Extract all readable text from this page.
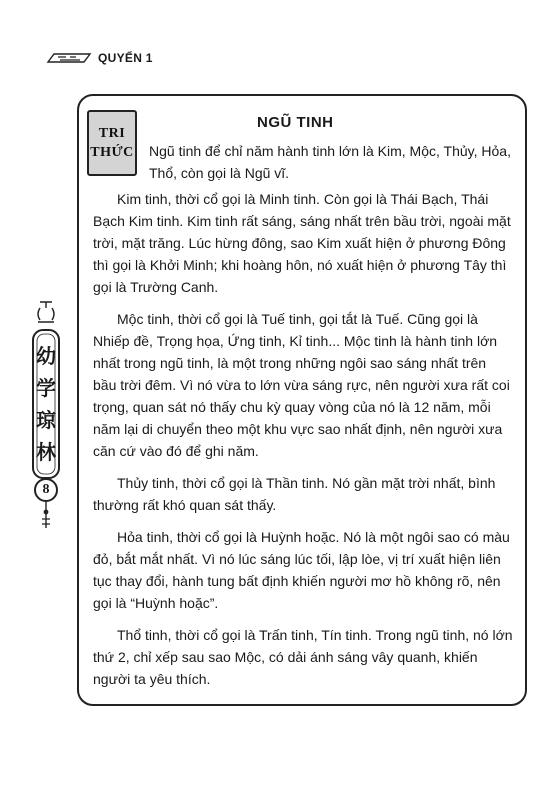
QUYỂN 1
幼
学
琼
林
8
TRI
THỨC
NGŨ TINH
Ngũ tinh để chỉ năm hành tinh lớn là Kim, Mộc, Thủy, Hỏa, Thổ, còn gọi là Ngũ vĩ.

Kim tinh, thời cổ gọi là Minh tinh. Còn gọi là Thái Bạch, Thái Bạch Kim tinh. Kim tinh rất sáng, sáng nhất trên bầu trời, ngoài mặt trời, mặt trăng. Lúc hừng đông, sao Kim xuất hiện ở phương Đông thì gọi là Khởi Minh; khi hoàng hôn, nó xuất hiện ở phương Tây thì gọi là Trường Canh.

Mộc tinh, thời cổ gọi là Tuế tinh, gọi tắt là Tuế. Cũng gọi là Nhiếp đề, Trọng họa, Ứng tinh, Kỉ tinh... Mộc tinh là hành tinh lớn nhất trong ngũ tinh, là một trong những ngôi sao sáng nhất trên bầu trời đêm. Vì nó vừa to lớn vừa sáng rực, nên người xưa rất coi trọng, quan sát nó thấy chu kỳ quay vòng của nó là 12 năm, mỗi năm lại di chuyển theo một khu vực sao nhất định, nên người xưa căn cứ vào đó để ghi năm.

Thủy tinh, thời cổ gọi là Thần tinh. Nó gần mặt trời nhất, bình thường rất khó quan sát thấy.

Hỏa tinh, thời cổ gọi là Huỳnh hoặc. Nó là một ngôi sao có màu đỏ, bắt mắt nhất. Vì nó lúc sáng lúc tối, lập lòe, vị trí xuất hiện liên tục thay đổi, hành tung bất định khiến người mơ hồ không rõ, nên gọi là “Huỳnh hoặc”.

Thổ tinh, thời cổ gọi là Trấn tinh, Tín tinh. Trong ngũ tinh, nó lớn thứ 2, chỉ xếp sau sao Mộc, có dải ánh sáng vây quanh, khiến người ta yêu thích.
